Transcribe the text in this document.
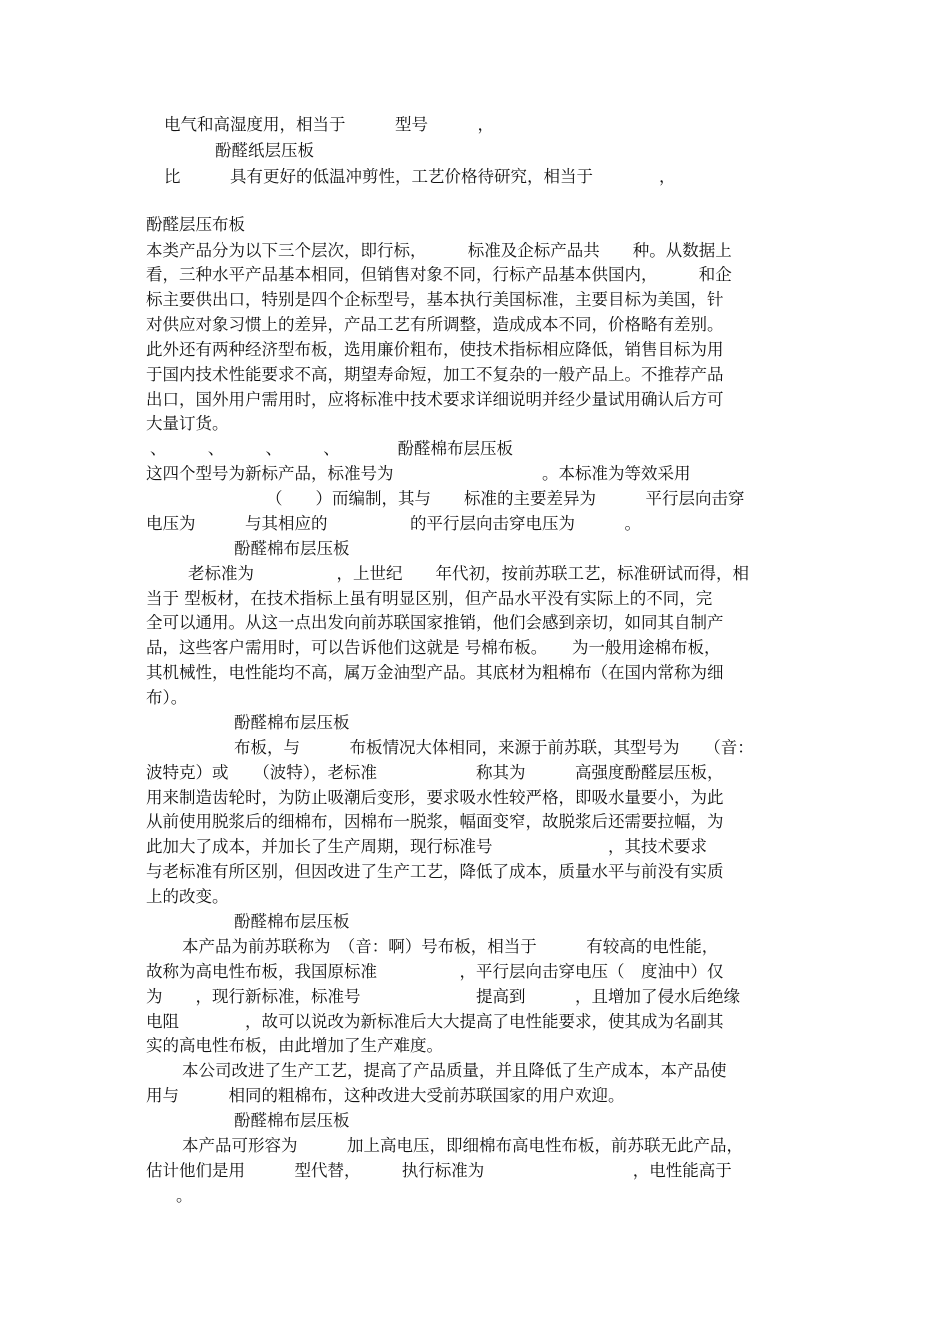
电气和高湿度用，相当于　　　型号　　　，

酚醛纸层压板

比　　　具有更好的低温冲剪性，工艺价格待研究，相当于　　　　，

酚醛层压布板

本类产品分为以下三个层次，即行标，　　　标准及企标产品共　　种。从数据上

看，三种水平产品基本相同，但销售对象不同，行标产品基本供国内，　　　和企

标主要供出口，特别是四个企标型号，基本执行美国标准，主要目标为美国，针

对供应对象习惯上的差异，产品工艺有所调整，造成成本不同，价格略有差别。

此外还有两种经济型布板，选用廉价粗布，使技术指标相应降低，销售目标为用

于国内技术性能要求不高，期望寿命短，加工不复杂的一般产品上。不推荐产品

出口，国外用户需用时，应将标准中技术要求详细说明并经少量试用确认后方可

大量订货。

、　　　、　　　、　　　、　　　　酚醛棉布层压板

这四个型号为新标产品，标准号为　　　　　　　　　。本标准为等效采用

（　　）而编制，其与　　标准的主要差异为　　　平行层向击穿

电压为　　　与其相应的　　　　　的平行层向击穿电压为　　　。

酚醛棉布层压板

老标准为　　　　　，上世纪　　年代初，按前苏联工艺，标准研试而得，相

当于 型板材，在技术指标上虽有明显区别，但产品水平没有实际上的不同，完

全可以通用。从这一点出发向前苏联国家推销，他们会感到亲切，如同其自制产

品，这些客户需用时，可以告诉他们这就是 号棉布板。　　为一般用途棉布板，

其机械性，电性能均不高，属万金油型产品。其底材为粗棉布（在国内常称为细

布）。

酚醛棉布层压板

布板，与　　　布板情况大体相同，来源于前苏联，其型号为　　（音：

波特克）或　　（波特），老标准　　　　　　称其为　　　高强度酚醛层压板，

用来制造齿轮时，为防止吸潮后变形，要求吸水性较严格，即吸水量要小，为此

从前使用脱浆后的细棉布，因棉布一脱浆，幅面变窄，故脱浆后还需要拉幅，为

此加大了成本，并加长了生产周期，现行标准号　　　　　　　，其技术要求

与老标准有所区别，但因改进了生产工艺，降低了成本，质量水平与前没有实质

上的改变。

酚醛棉布层压板

本产品为前苏联称为　（音：啊）号布板，相当于　　　有较高的电性能，

故称为高电性布板，我国原标准　　　　　，平行层向击穿电压（　度油中）仅

为　　，现行新标准，标准号　　　　　　　提高到　　　，且增加了侵水后绝缘

电阻　　　　，故可以说改为新标准后大大提高了电性能要求，使其成为名副其

实的高电性布板，由此增加了生产难度。

本公司改进了生产工艺，提高了产品质量，并且降低了生产成本，本产品使

用与　　　相同的粗棉布，这种改进大受前苏联国家的用户欢迎。

酚醛棉布层压板

本产品可形容为　　　加上高电压，即细棉布高电性布板，前苏联无此产品，

估计他们是用　　　型代替，　　　执行标准为　　　　　　　　　，电性能高于

。
